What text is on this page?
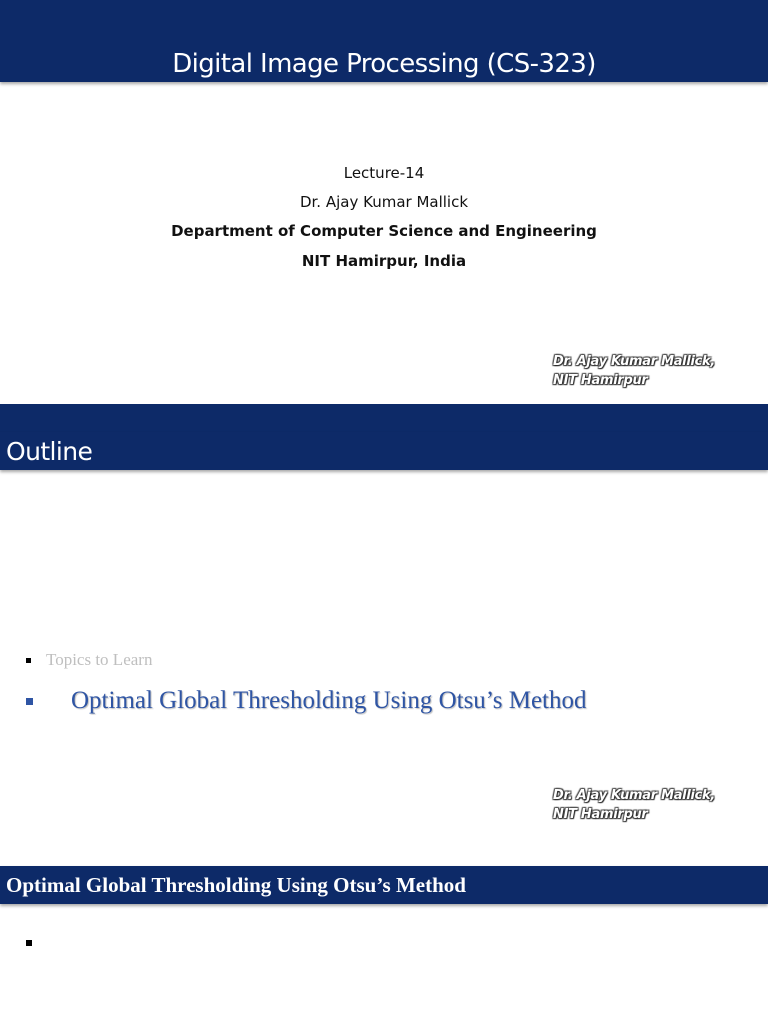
Digital Image Processing (CS-323)
Lecture-14
Dr. Ajay Kumar Mallick
Department of Computer Science and Engineering
NIT Hamirpur, India
Dr. Ajay Kumar Mallick,
NIT Hamirpur
Outline
Topics to Learn
Optimal Global Thresholding Using Otsu’s Method
Dr. Ajay Kumar Mallick,
NIT Hamirpur
Optimal Global Thresholding Using Otsu’s Method
